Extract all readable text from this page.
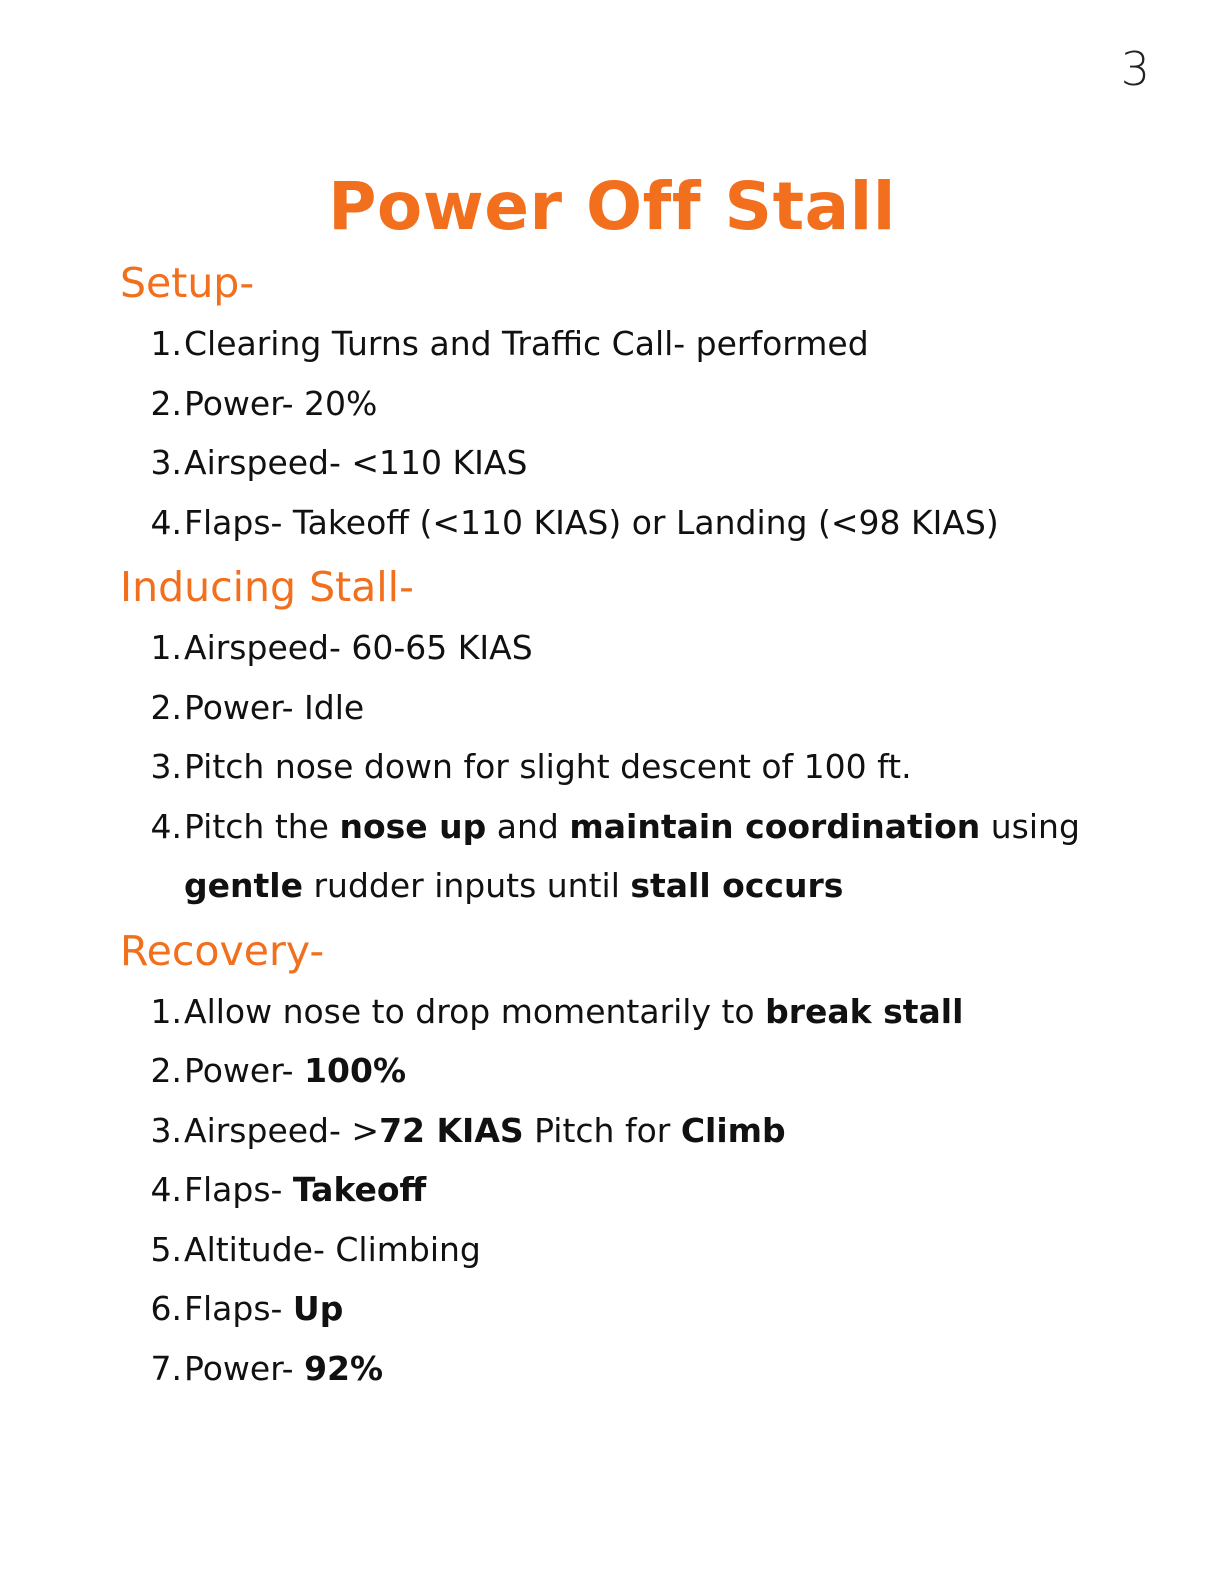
3
Power Off Stall
Setup-
1. Clearing Turns and Traffic Call- performed
2. Power- 20%
3. Airspeed- <110 KIAS
4. Flaps- Takeoff (<110 KIAS) or Landing (<98 KIAS)
Inducing Stall-
1. Airspeed- 60-65 KIAS
2. Power- Idle
3. Pitch nose down for slight descent of 100 ft.
4. Pitch the nose up and maintain coordination using gentle rudder inputs until stall occurs
Recovery-
1. Allow nose to drop momentarily to break stall
2. Power- 100%
3. Airspeed- >72 KIAS Pitch for Climb
4. Flaps- Takeoff
5. Altitude- Climbing
6. Flaps- Up
7. Power- 92%
